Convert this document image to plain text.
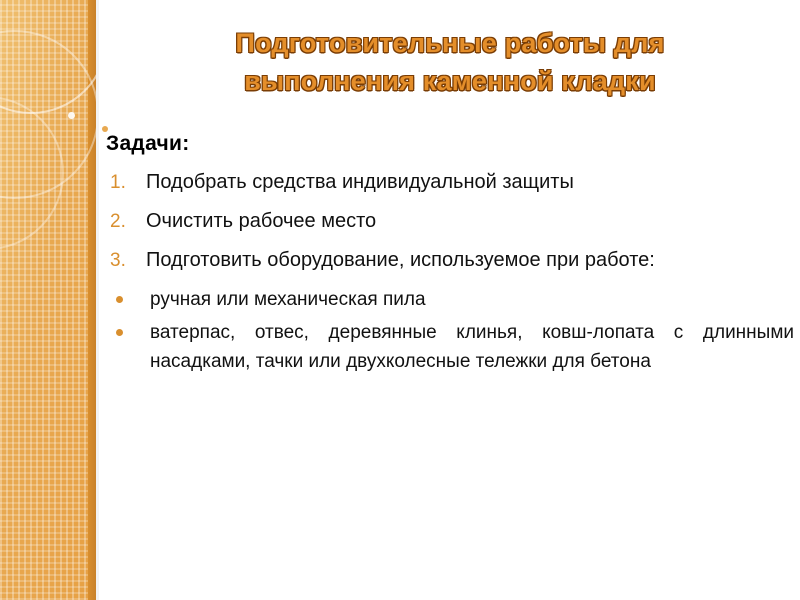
Подготовительные работы для
выполнения каменной кладки
Задачи:
1.	Подобрать средства индивидуальной защиты
2.	Очистить рабочее место
3.	Подготовить оборудование, используемое при работе:
ручная или механическая пила
ватерпас, отвес, деревянные клинья, ковш-лопата с длинными насадками, тачки или двухколесные тележки для бетона
